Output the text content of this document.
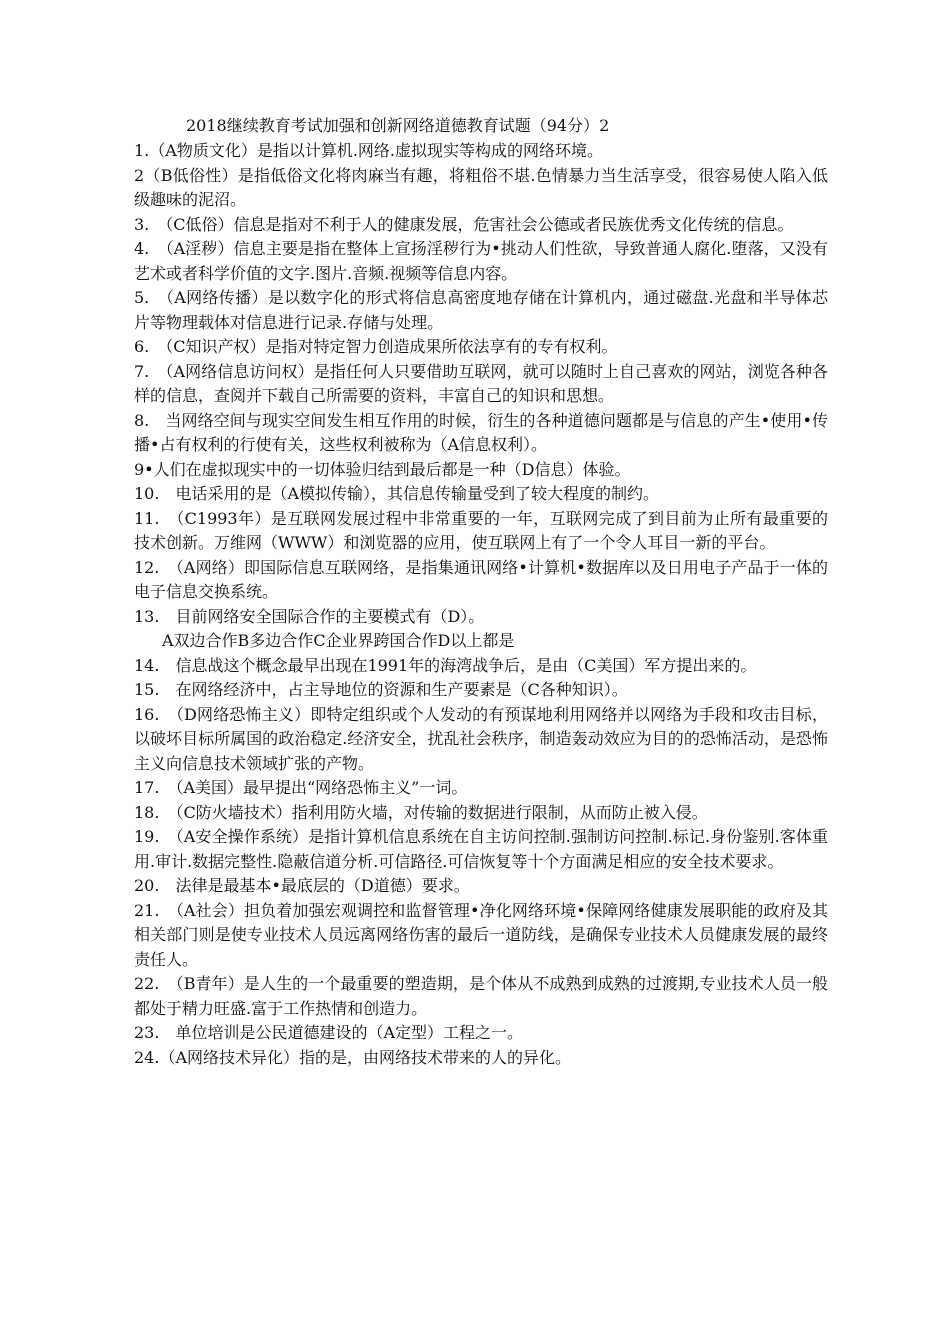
2018继续教育考试加强和创新网络道德教育试题（94分）2

1.（A物质文化）是指以计算机.网络.虚拟现实等构成的网络环境。

2（B低俗性）是指低俗文化将肉麻当有趣，将粗俗不堪.色情暴力当生活享受，很容易使人陷入低级趣味的泥沼。

3.　（C低俗）信息是指对不利于人的健康发展，危害社会公德或者民族优秀文化传统的信息。

4.　（A淫秽）信息主要是指在整体上宣扬淫秽行为•挑动人们性欲，导致普通人腐化.堕落，又没有艺术或者科学价值的文字.图片.音频.视频等信息内容。

5.　（A网络传播）是以数字化的形式将信息高密度地存储在计算机内，通过磁盘.光盘和半导体芯片等物理载体对信息进行记录.存储与处理。

6.　（C知识产权）是指对特定智力创造成果所依法享有的专有权利。

7.　（A网络信息访问权）是指任何人只要借助互联网，就可以随时上自己喜欢的网站，浏览各种各样的信息，查阅并下载自己所需要的资料，丰富自己的知识和思想。

8.　当网络空间与现实空间发生相互作用的时候，衍生的各种道德问题都是与信息的产生•使用•传播•占有权利的行使有关，这些权利被称为（A信息权利）。

9•人们在虚拟现实中的一切体验归结到最后都是一种（D信息）体验。

10.　电话采用的是（A模拟传输），其信息传输量受到了较大程度的制约。

11.　（C1993年）是互联网发展过程中非常重要的一年，互联网完成了到目前为止所有最重要的技术创新。万维网（WWW）和浏览器的应用，使互联网上有了一个令人耳目一新的平台。

12.　（A网络）即国际信息互联网络，是指集通讯网络•计算机•数据库以及日用电子产品于一体的电子信息交换系统。

13.　目前网络安全国际合作的主要模式有（D）。

A双边合作B多边合作C企业界跨国合作D以上都是

14.　信息战这个概念最早出现在1991年的海湾战争后，是由（C美国）军方提出来的。

15.　在网络经济中，占主导地位的资源和生产要素是（C各种知识）。

16.　（D网络恐怖主义）即特定组织或个人发动的有预谋地利用网络并以网络为手段和攻击目标，以破坏目标所属国的政治稳定.经济安全，扰乱社会秩序，制造轰动效应为目的的恐怖活动，是恐怖主义向信息技术领域扩张的产物。

17.　（A美国）最早提出“网络恐怖主义”一词。

18.　（C防火墙技术）指利用防火墙，对传输的数据进行限制，从而防止被入侵。

19.　（A安全操作系统）是指计算机信息系统在自主访问控制.强制访问控制.标记.身份鉴别.客体重用.审计.数据完整性.隐蔽信道分析.可信路径.可信恢复等十个方面满足相应的安全技术要求。

20.　法律是最基本•最底层的（D道德）要求。

21.　（A社会）担负着加强宏观调控和监督管理•净化网络环境•保障网络健康发展职能的政府及其相关部门则是使专业技术人员远离网络伤害的最后一道防线，是确保专业技术人员健康发展的最终责任人。

22.　（B青年）是人生的一个最重要的塑造期，是个体从不成熟到成熟的过渡期,专业技术人员一般都处于精力旺盛.富于工作热情和创造力。

23.　单位培训是公民道德建设的（A定型）工程之一。

24.（A网络技术异化）指的是，由网络技术带来的人的异化。
